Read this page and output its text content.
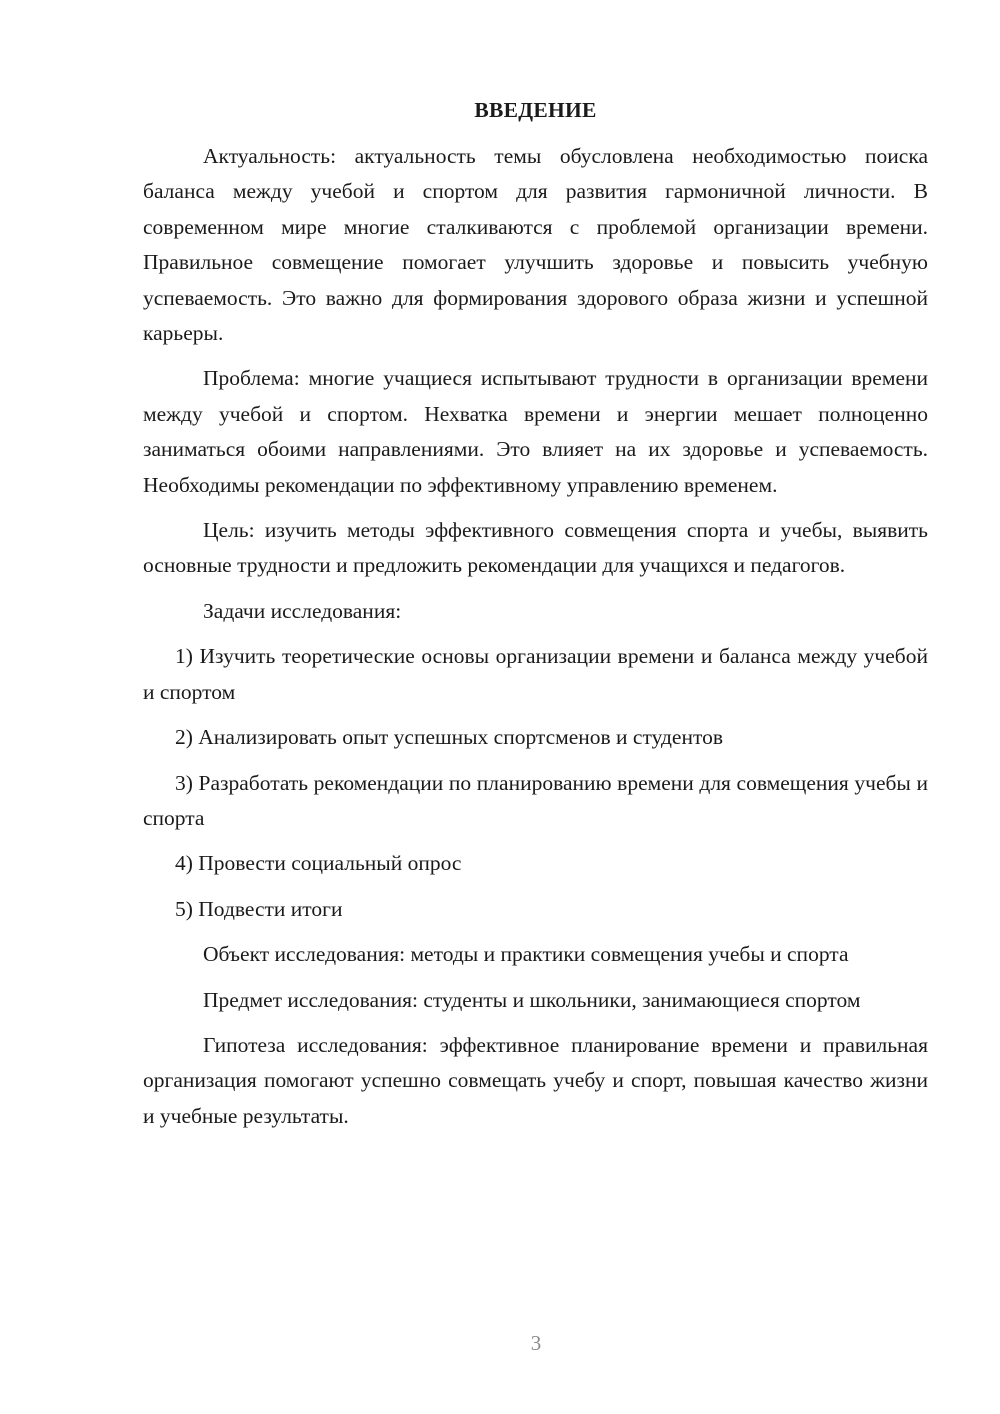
ВВЕДЕНИЕ

Актуальность: актуальность темы обусловлена необходимостью поиска баланса между учебой и спортом для развития гармоничной личности. В современном мире многие сталкиваются с проблемой организации времени. Правильное совмещение помогает улучшить здоровье и повысить учебную успеваемость. Это важно для формирования здорового образа жизни и успешной карьеры.

Проблема: многие учащиеся испытывают трудности в организации времени между учебой и спортом. Нехватка времени и энергии мешает полноценно заниматься обоими направлениями. Это влияет на их здоровье и успеваемость. Необходимы рекомендации по эффективному управлению временем.

Цель: изучить методы эффективного совмещения спорта и учебы, выявить основные трудности и предложить рекомендации для учащихся и педагогов.

Задачи исследования:

1) Изучить теоретические основы организации времени и баланса между учебой и спортом

2) Анализировать опыт успешных спортсменов и студентов

3) Разработать рекомендации по планированию времени для совмещения учебы и спорта

4) Провести социальный опрос

5) Подвести итоги

Объект исследования: методы и практики совмещения учебы и спорта

Предмет исследования: студенты и школьники, занимающиеся спортом

Гипотеза исследования: эффективное планирование времени и правильная организация помогают успешно совмещать учебу и спорт, повышая качество жизни и учебные результаты.

3
